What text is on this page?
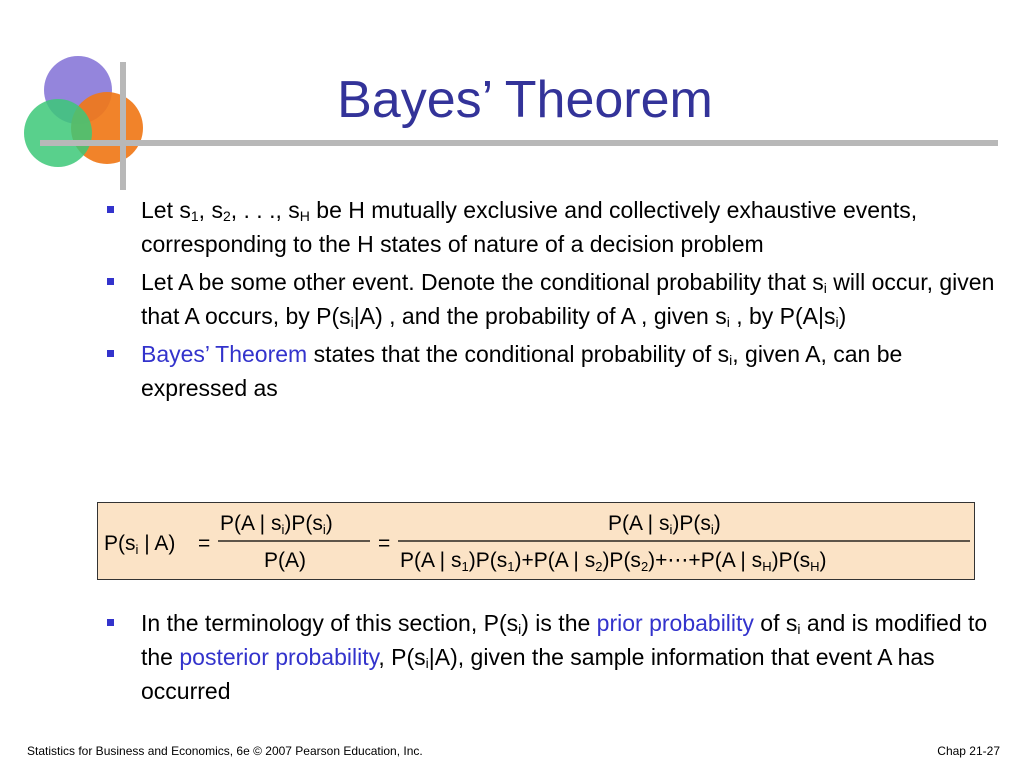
Bayes’ Theorem
Let $s_1$, $s_2$, . . ., $s_H$ be H mutually exclusive and collectively exhaustive events, corresponding to the H states of nature of a decision problem
Let A be some other event. Denote the conditional probability that $s_i$ will occur, given that A occurs, by $P(s_i|A)$ , and the probability of A , given $s_i$ , by $P(A|s_i)$
Bayes’ Theorem states that the conditional probability of $s_i$, given A, can be expressed as
P(si | A) =
P(A | si)P(si)
P(A)
=
P(A | si)P(si)
P(A | s1)P(s1)+P(A | s2)P(s2)+⋯+P(A | sH)P(sH)
In the terminology of this section, $P(s_i)$ is the prior probability of $s_i$ and is modified to the posterior probability, $P(s_i|A)$, given the sample information that event A has occurred
Statistics for Business and Economics, 6e © 2007 Pearson Education, Inc.	Chap 21-27
